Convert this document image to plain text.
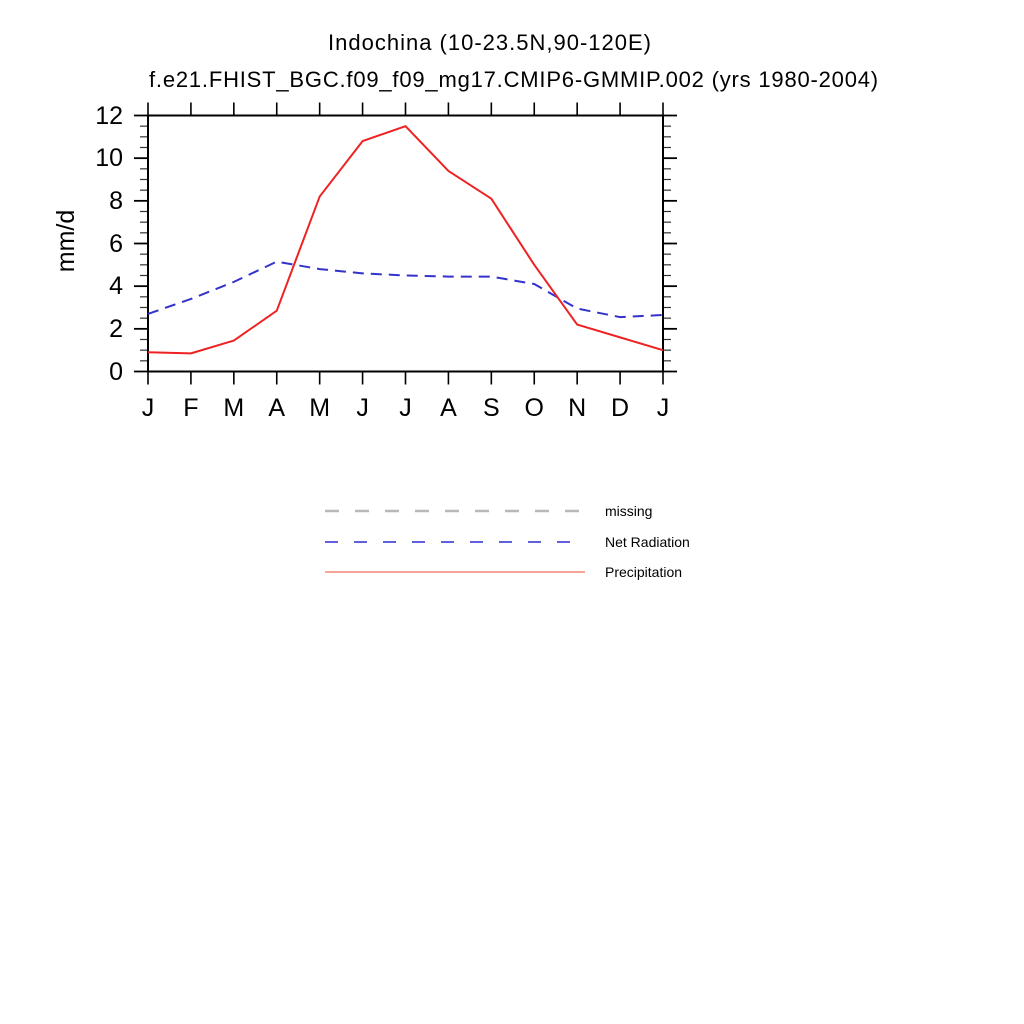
Indochina (10-23.5N,90-120E)
f.e21.FHIST_BGC.f09_f09_mg17.CMIP6-GMMIP.002 (yrs 1980-2004)
mm/d
0
2
4
6
8
10
12
J	F M A M	J	J	A	S O N D	J
missing
Net Radiation
Precipitation
